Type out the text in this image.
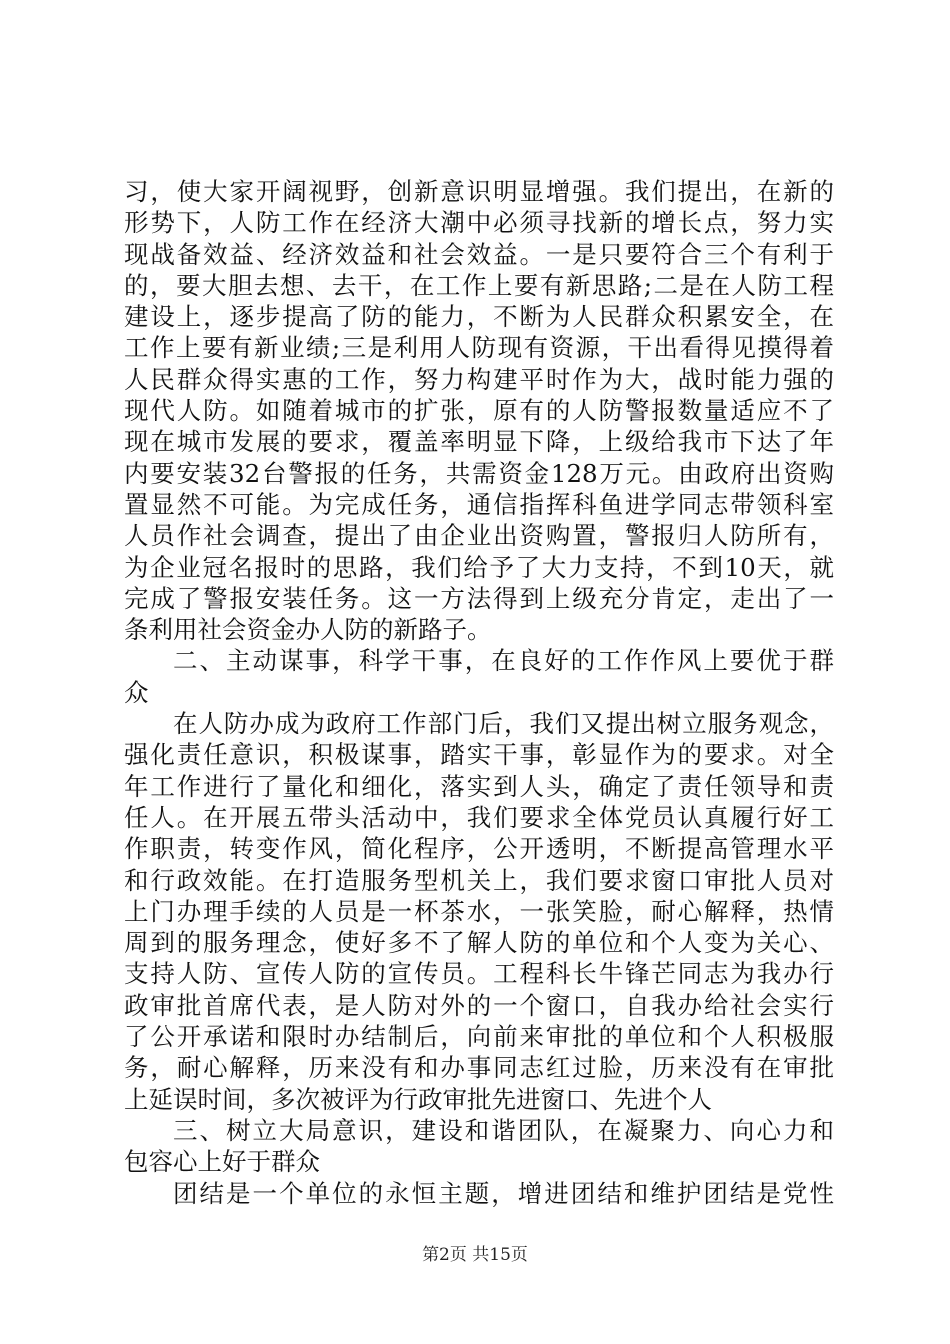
习，使大家开阔视野，创新意识明显增强。我们提出，在新的
形势下，人防工作在经济大潮中必须寻找新的增长点，努力实
现战备效益、经济效益和社会效益。一是只要符合三个有利于
的，要大胆去想、去干，在工作上要有新思路;二是在人防工程
建设上，逐步提高了防的能力，不断为人民群众积累安全，在
工作上要有新业绩;三是利用人防现有资源，干出看得见摸得着
人民群众得实惠的工作，努力构建平时作为大，战时能力强的
现代人防。如随着城市的扩张，原有的人防警报数量适应不了
现在城市发展的要求，覆盖率明显下降，上级给我市下达了年
内要安装32台警报的任务，共需资金128万元。由政府出资购
置显然不可能。为完成任务，通信指挥科鱼进学同志带领科室
人员作社会调查，提出了由企业出资购置，警报归人防所有，
为企业冠名报时的思路，我们给予了大力支持，不到10天，就
完成了警报安装任务。这一方法得到上级充分肯定，走出了一
条利用社会资金办人防的新路子。
二、主动谋事，科学干事，在良好的工作作风上要优于群
众
在人防办成为政府工作部门后，我们又提出树立服务观念，
强化责任意识，积极谋事，踏实干事，彰显作为的要求。对全
年工作进行了量化和细化，落实到人头，确定了责任领导和责
任人。在开展五带头活动中，我们要求全体党员认真履行好工
作职责，转变作风，简化程序，公开透明，不断提高管理水平
和行政效能。在打造服务型机关上，我们要求窗口审批人员对
上门办理手续的人员是一杯茶水，一张笑脸，耐心解释，热情
周到的服务理念，使好多不了解人防的单位和个人变为关心、
支持人防、宣传人防的宣传员。工程科长牛锋芒同志为我办行
政审批首席代表，是人防对外的一个窗口，自我办给社会实行
了公开承诺和限时办结制后，向前来审批的单位和个人积极服
务，耐心解释，历来没有和办事同志红过脸，历来没有在审批
上延误时间，多次被评为行政审批先进窗口、先进个人
三、树立大局意识，建设和谐团队，在凝聚力、向心力和
包容心上好于群众
团结是一个单位的永恒主题，增进团结和维护团结是党性
第2页 共15页
